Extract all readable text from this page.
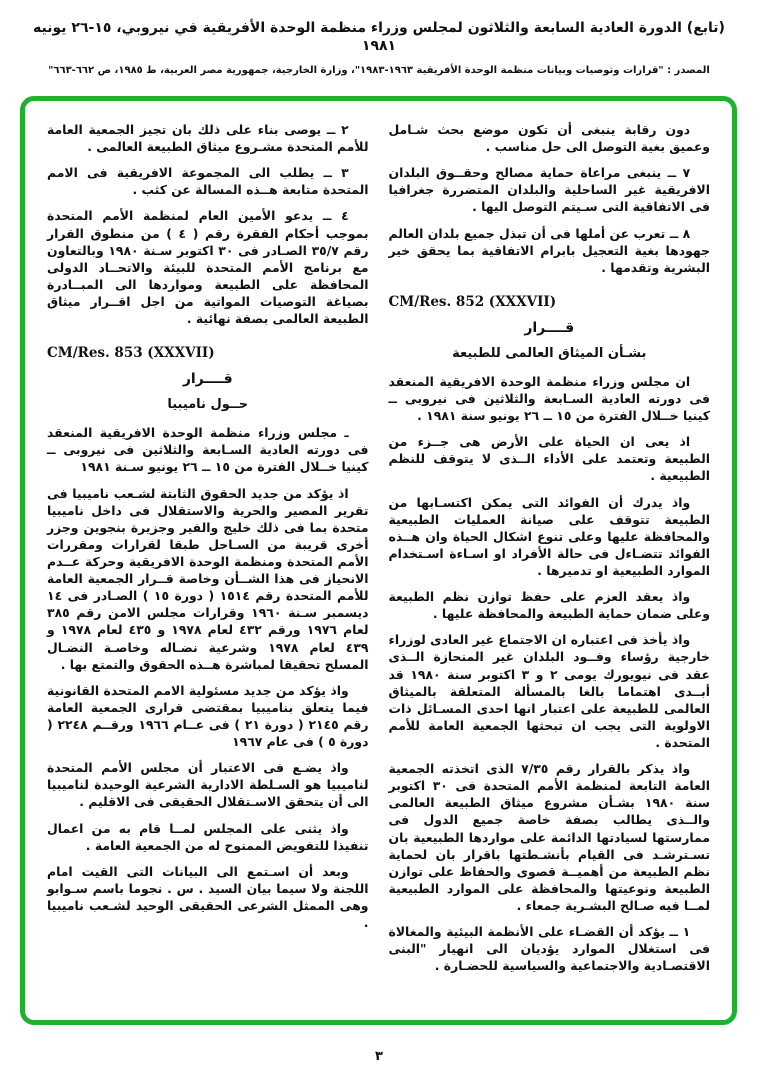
(تابع) الدورة العادية السابعة والثلاثون لمجلس وزراء منظمة الوحدة الأفريقية في نيروبي، ١٥-٢٦ يونيه ١٩٨١
المصدر : "قرارات وتوصيات وبيانات منظمة الوحدة الأفريقية ١٩٦٣-١٩٨٣"، وزارة الخارجية، جمهورية مصر العربية، ط ١٩٨٥، ص ٦٦٢-٦٦٣"

دون رقابة ينبغى أن تكون موضع بحث شـامل وعميق بغية التوصل الى حل مناسب .

٧ ــ ينبغى مراعاة حماية مصالح وحقــوق البلدان الافريقية غير الساحلية والبلدان المتضررة جغرافيا فى الاتفاقية التى سـيتم التوصل اليها .

٨ ــ تعرب عن أملها فى أن تبذل جميع بلدان العالم جهودها بغية التعجيل بابرام الاتفاقية بما يحقق خير البشرية وتقدمها .

CM/Res. 852 (XXXVII)

قــــرار

بشـأن الميثاق العالمى للطبيعة

ان مجلس وزراء منظمة الوحدة الافريقية المنعقد فى دورته العادية السـابعة والثلاثين فى نيروبى ــ كينيا خــلال الفترة من ١٥ ــ ٢٦ يونيو سنة ١٩٨١ .

اذ يعى ان الحياة على الأرض هى جــزء من الطبيعة وتعتمد على الأداء الــذى لا يتوقف للنظم الطبيعية .

واذ يدرك أن الفوائد التى يمكن اكتسـابها من الطبيعة تتوقف على صيانة العمليات الطبيعية والمحافظة عليها وعلى تنوع اشكال الحياة وان هــذه الفوائد تتضـاءل فى حالة الأفراد او اسـاءة اسـتخدام الموارد الطبيعية او تدميرها .

واذ يعقد العزم على حفظ توازن نظم الطبيعة وعلى ضمان حماية الطبيعة والمحافظة عليها .

واذ يأخذ فى اعتباره ان الاجتماع غير العادى لوزراء خارجية رؤساء وفــود البلدان غير المنحازة الــذى عقد فى نيويورك يومى ٢ و ٣ اكتوبر سنة ١٩٨٠ قد أبــدى اهتماما بالغا بالمسألة المتعلقة بالميثاق العالمى للطبيعة على اعتبار انها احدى المسـائل ذات الاولوية التى يجب ان تبحثها الجمعية العامة للأمم المتحدة .

واذ يذكر بالقرار رقم ٧/٣٥ الذى اتخذته الجمعية العامة التابعة لمنظمة الأمم المتحدة فى ٣٠ اكتوبر سنة ١٩٨٠ بشـأن مشروع ميثاق الطبيعة العالمى والــذى يطالب بصفة خاصة جميع الدول فى ممارستها لسيادتها الدائمة على مواردها الطبيعية بان تسـترشـد فى القيام بأنشـطتها باقرار بان لحماية نظم الطبيعة من أهميــة قصوى والحفاظ على توازن الطبيعة ونوعيتها والمحافظة على الموارد الطبيعية لمــا فيه صـالح البشـرية جمعاء .

١ ــ يؤكد أن القضـاء على الأنظمة البيئية والمغالاة فى استغلال الموارد يؤديان الى انهيار "البنى الاقتصـادية والاجتماعية والسياسية للحضـارة .

٢ ــ يوصى بناء على ذلك بان تجيز الجمعية العامة للأمم المتحدة مشـروع ميثاق الطبيعة العالمى .

٣ ــ يطلب الى المجموعة الافريقية فى الامم المتحدة متابعة هــذه المسالة عن كثب .

٤ ــ يدعو الأمين العام لمنظمة الأمم المتحدة بموجب أحكام الفقرة رقم ( ٤ ) من منطوق القرار رقم ٣٥/٧ الصـادر فى ٣٠ اكتوبر سـنة ١٩٨٠ وبالتعاون مع برنامج الأمم المتحدة للبيئة والاتحــاد الدولى المحافظة على الطبيعة ومواردها الى المبــادرة بصياغة التوصيات المواتية من اجل اقــرار ميثاق الطبيعة العالمى بصفة نهائية .

CM/Res. 853 (XXXVII)

قــــرار

حــول ناميبيا

ـ مجلس وزراء منظمة الوحدة الافريقية المنعقد فى دورته العادية السـابعة والثلاثين فى نيروبى ــ كينيا خــلال الفترة من ١٥ ــ ٢٦ يونيو سـنة ١٩٨١

اذ يؤكد من جديد الحقوق الثابتة لشـعب ناميبيا فى تقرير المصير والحرية والاستقلال فى داخل ناميبيا متحدة بما فى ذلك خليج والفير وجزيرة بنجوين وجزر أخرى قريبة من السـاحل طبقا لقرارات ومقررات الأمم المتحدة ومنظمة الوحدة الافريقية وحركة عــدم الانحياز فى هذا الشــأن وخاصة قــرار الجمعية العامة للأمم المتحدة رقم ١٥١٤ ( دورة ١٥ ) الصـادر فى ١٤ ديسمبر سـنة ١٩٦٠ وقرارات مجلس الامن رقم ٣٨٥ لعام ١٩٧٦ ورقم ٤٣٢ لعام ١٩٧٨ و ٤٣٥ لعام ١٩٧٨ و ٤٣٩ لعام ١٩٧٨ وشرعية نضـاله وخاصـة النضـال المسلح تحقيقا لمباشرة هــذه الحقوق والتمتع بها .

واذ يؤكد من جديد مسئولية الامم المتحدة القانونية فيما يتعلق بناميبيا بمقتضى قرارى الجمعية العامة رقم ٢١٤٥ ( دورة ٢١ ) فى عــام ١٩٦٦ ورقــم ٢٢٤٨ ( دورة ٥ ) فى عام ١٩٦٧

واذ يضـع فى الاعتبار أن مجلس الأمم المتحدة لناميبيا هو السـلطة الادارية الشرعية الوحيدة لناميبيا الى أن يتحقق الاسـتقلال الحقيقى فى الاقليم .

واذ يثنى على المجلس لمــا قام به من اعمال تنفيذا للتفويض الممنوح له من الجمعية العامة .

وبعد أن اسـتمع الى البيانات التى القيت امام اللجنة ولا سيما بيان السيد . س . نجوما باسم سـوابو وهى الممثل الشرعى الحقيقى الوحيد لشـعب ناميبيا .

٣
